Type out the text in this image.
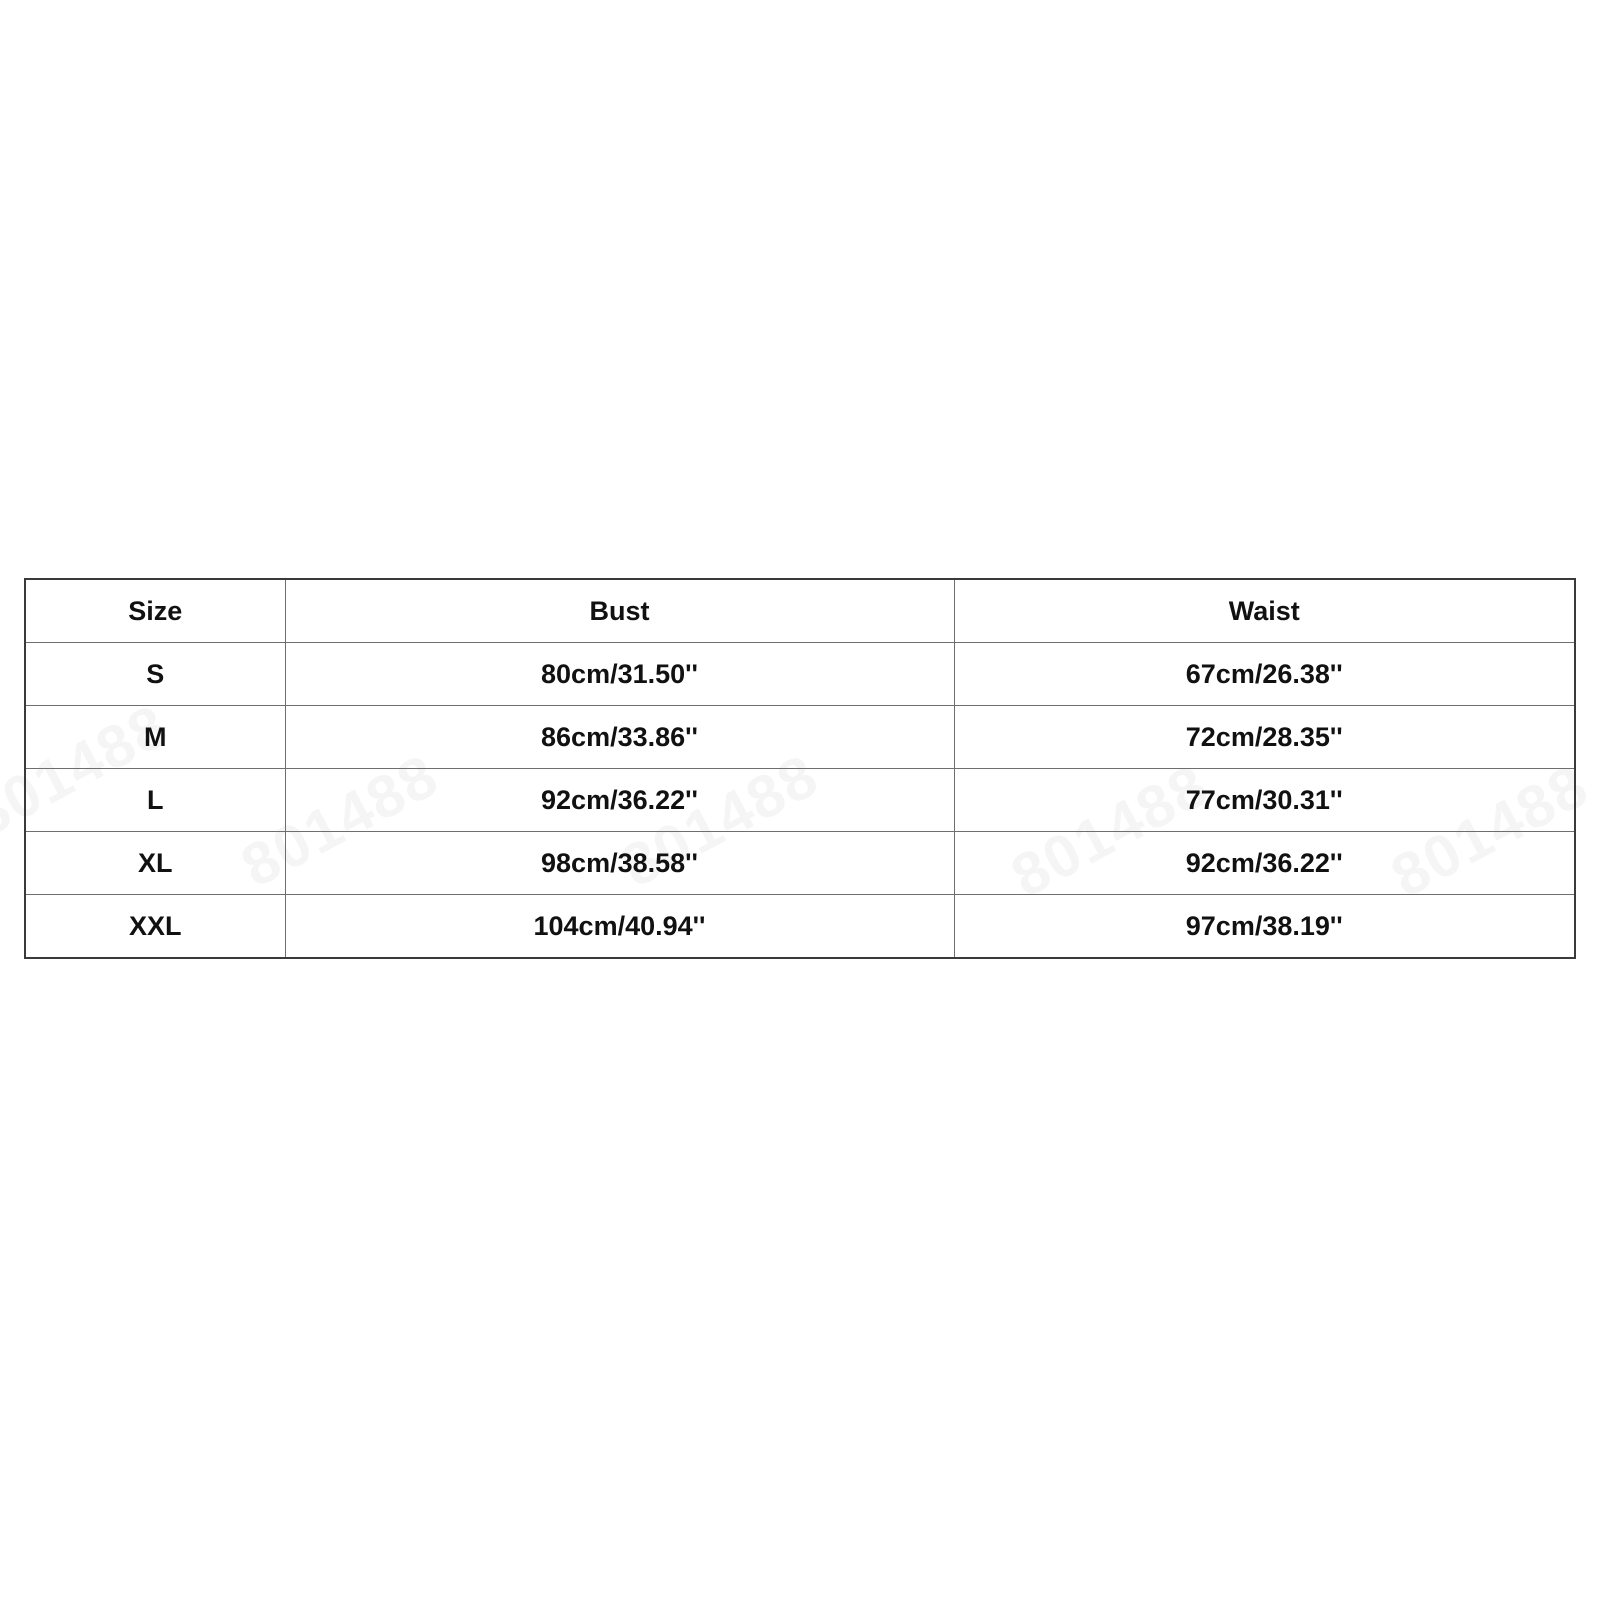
Size	Bust	Waist
S	80cm/31.50''	67cm/26.38''
M	86cm/33.86''	72cm/28.35''
L	92cm/36.22''	77cm/30.31''
XL	98cm/38.58''	92cm/36.22''
XXL	104cm/40.94''	97cm/38.19''
